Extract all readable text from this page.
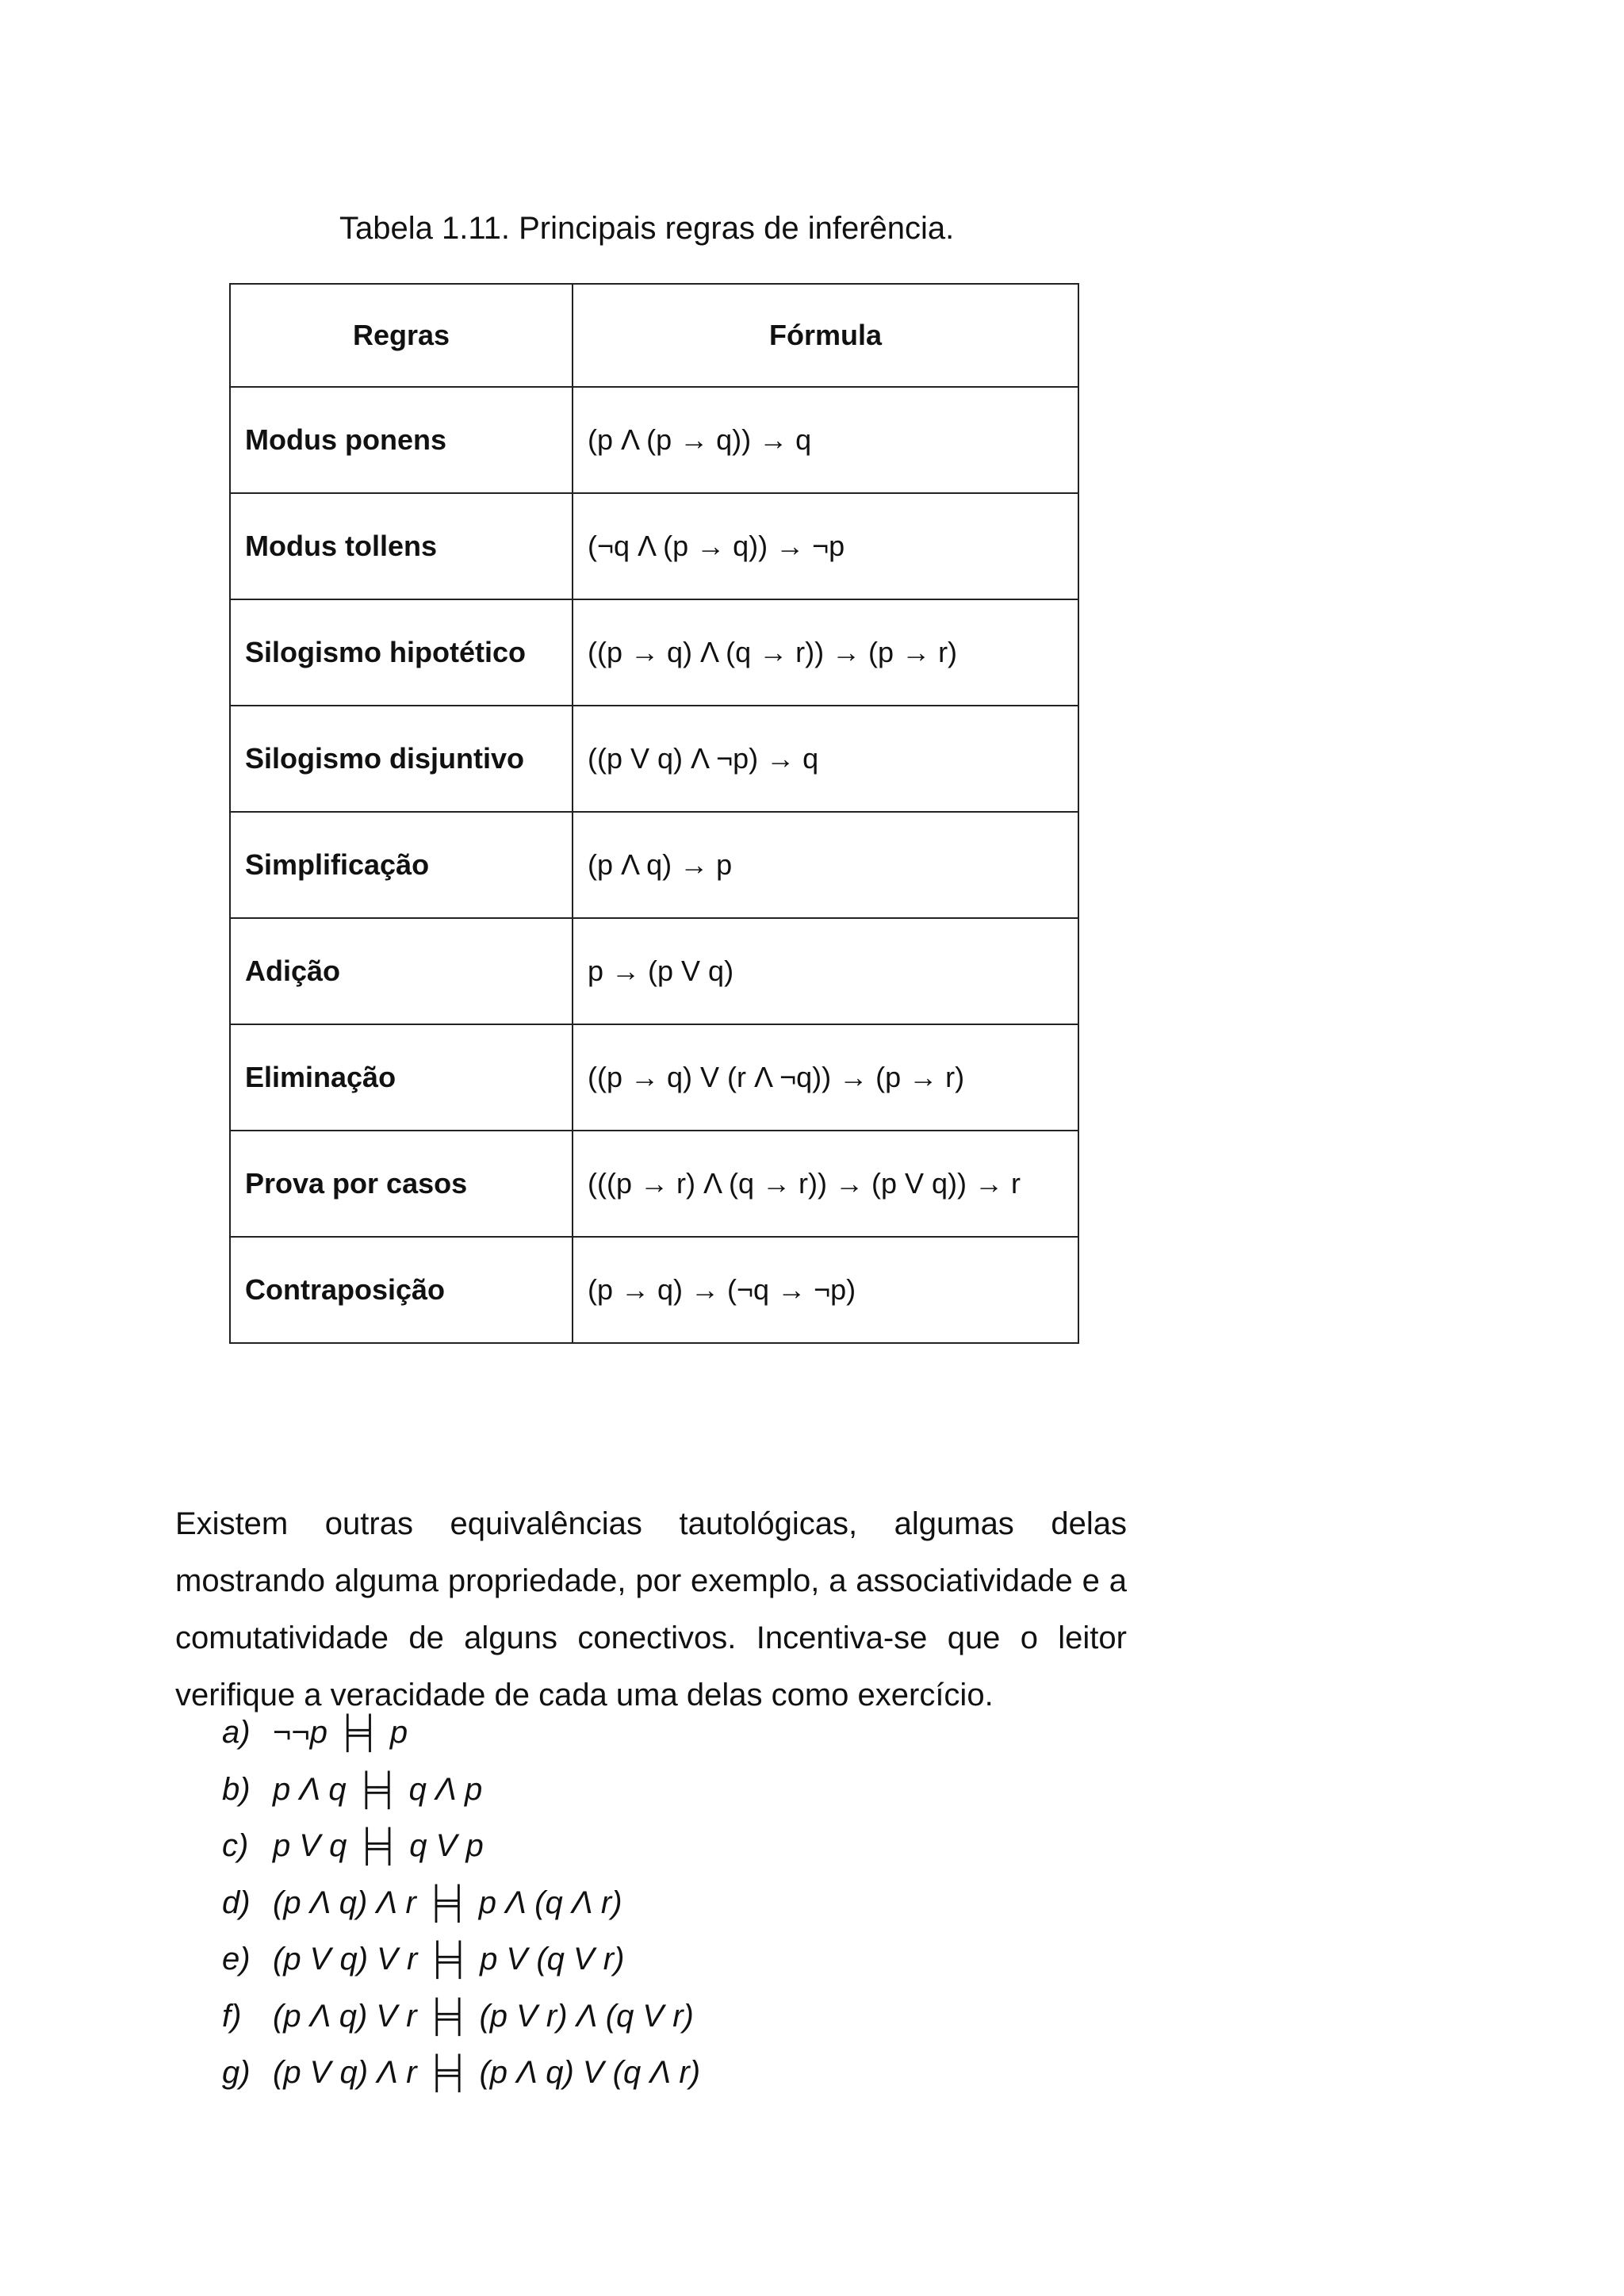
Tabela 1.11. Principais regras de inferência.
Regras	Fórmula
Modus ponens	(p Λ (p → q)) → q
Modus tollens	(¬q Λ (p → q)) → ¬p
Silogismo hipotético	((p → q) Λ (q → r)) → (p → r)
Silogismo disjuntivo	((p V q) Λ ¬p) → q
Simplificação	(p Λ q) → p
Adição	p → (p V q)
Eliminação	((p → q) V (r Λ ¬q)) → (p → r)
Prova por casos	(((p → r) Λ (q → r)) → (p V q)) → r
Contraposição	(p → q) → (¬q → ¬p)

Existem outras equivalências tautológicas, algumas delas mostrando alguma propriedade, por exemplo, a associatividade e a comutatividade de alguns conectivos. Incentiva-se que o leitor verifique a veracidade de cada uma delas como exercício.

a) ¬¬p ╞╡ p
b) p Λ q ╞╡ q Λ p
c) p V q ╞╡ q V p
d) (p Λ q) Λ r ╞╡ p Λ (q Λ r)
e) (p V q) V r ╞╡ p V (q V r)
f) (p Λ q) V r ╞╡ (p V r) Λ (q V r)
g) (p V q) Λ r ╞╡ (p Λ q) V (q Λ r)
